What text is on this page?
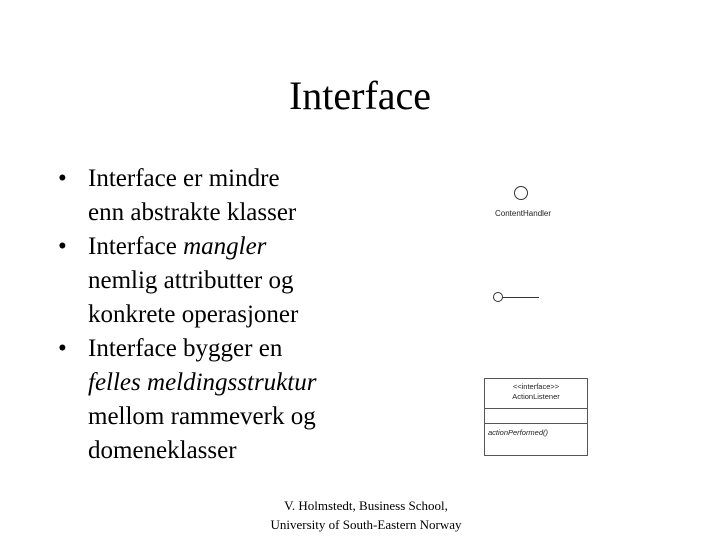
Interface
• Interface er mindre
enn abstrakte klasser
• Interface mangler
nemlig attributter og
konkrete operasjoner
• Interface bygger en
felles meldingsstruktur
mellom rammeverk og
domeneklasser
ContentHandler
<<interface>>
ActionListener
actionPerformed()
V. Holmstedt, Business School,
University of South-Eastern Norway
